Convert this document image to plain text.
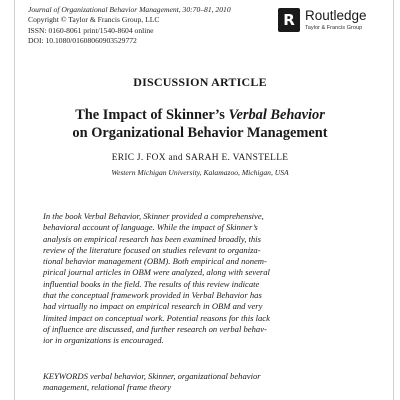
Journal of Organizational Behavior Management, 30:70–81, 2010
Copyright © Taylor & Francis Group, LLC
ISSN: 0160-8061 print/1540-8604 online
DOI: 10.1080/01608060903529772
R Routledge
Taylor & Francis Group
DISCUSSION ARTICLE
The Impact of Skinner’s Verbal Behavior
on Organizational Behavior Management
ERIC J. FOX and SARAH E. VANSTELLE
Western Michigan University, Kalamazoo, Michigan, USA
In the book Verbal Behavior, Skinner provided a comprehensive,
behavioral account of language. While the impact of Skinner’s
analysis on empirical research has been examined broadly, this
review of the literature focused on studies relevant to organiza-
tional behavior management (OBM). Both empirical and nonem-
pirical journal articles in OBM were analyzed, along with several
influential books in the field. The results of this review indicate
that the conceptual framework provided in Verbal Behavior has
had virtually no impact on empirical research in OBM and very
limited impact on conceptual work. Potential reasons for this lack
of influence are discussed, and further research on verbal behav-
ior in organizations is encouraged.
KEYWORDS verbal behavior, Skinner, organizational behavior
management, relational frame theory
